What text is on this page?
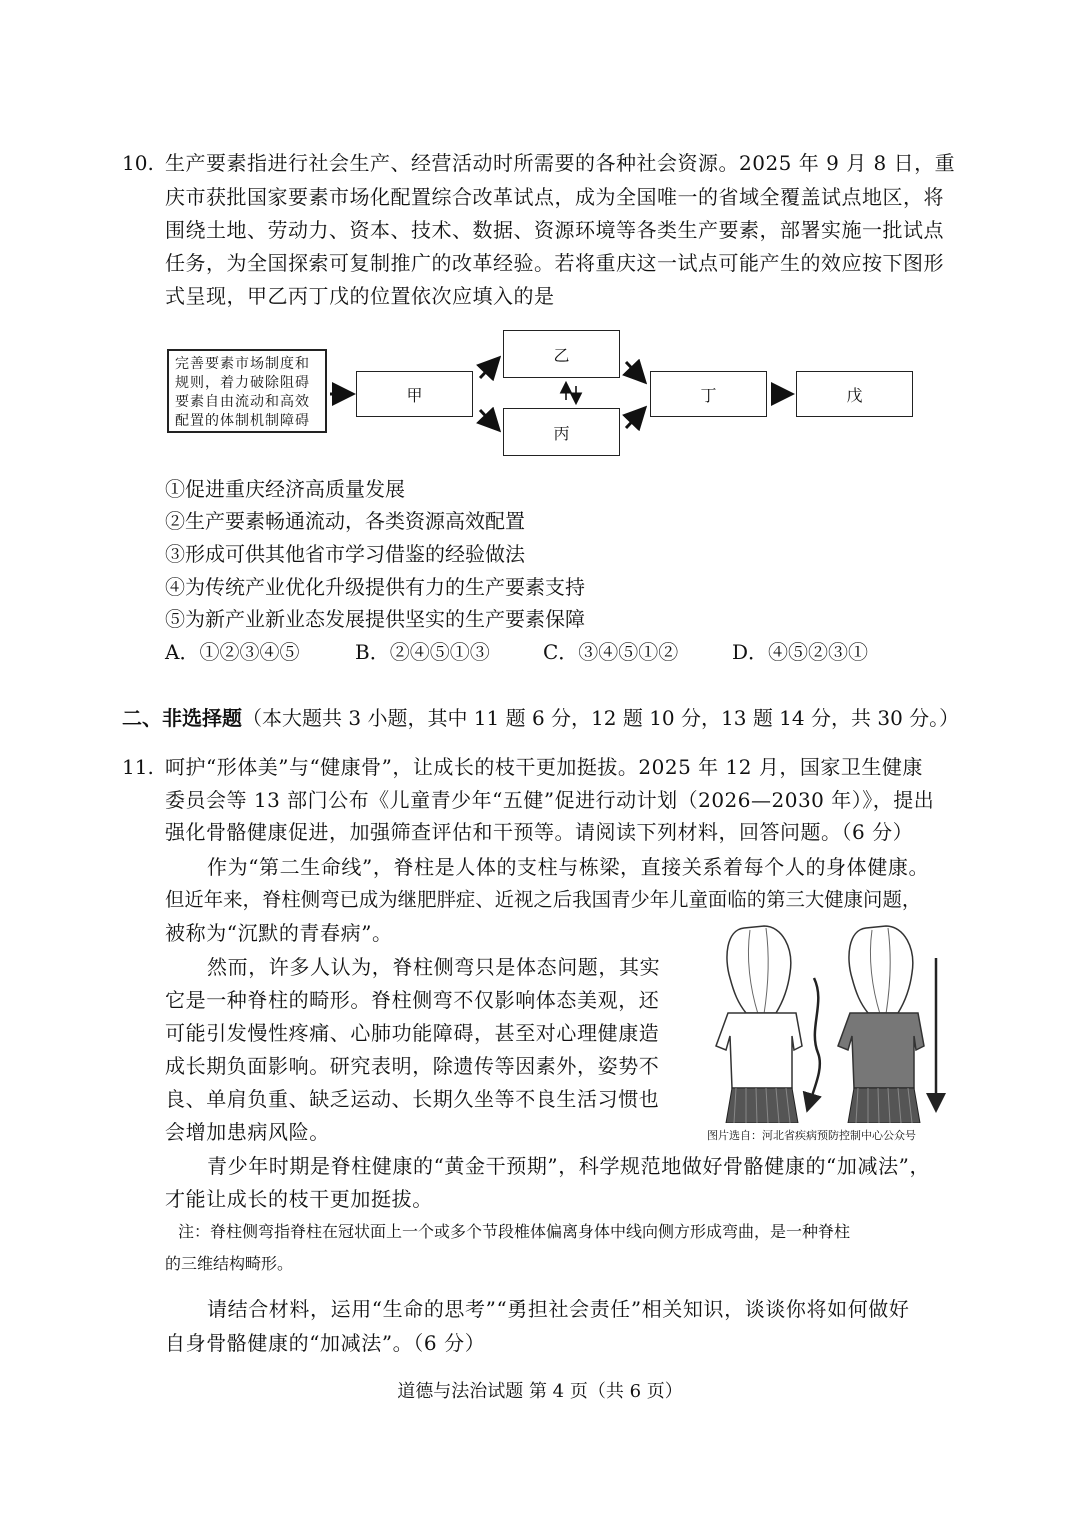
10. 生产要素指进行社会生产、经营活动时所需要的各种社会资源。2025 年 9 月 8 日，重
庆市获批国家要素市场化配置综合改革试点，成为全国唯一的省域全覆盖试点地区，将
围绕土地、劳动力、资本、技术、数据、资源环境等各类生产要素，部署实施一批试点
任务，为全国探索可复制推广的改革经验。若将重庆这一试点可能产生的效应按下图形
式呈现，甲乙丙丁戊的位置依次应填入的是
完善要素市场制度和规则，着力破除阻碍要素自由流动和高效配置的体制机制障碍
甲
乙
丙
丁	戊
①促进重庆经济高质量发展
②生产要素畅通流动，各类资源高效配置
③形成可供其他省市学习借鉴的经验做法
④为传统产业优化升级提供有力的生产要素支持
⑤为新产业新业态发展提供坚实的生产要素保障
A．①②③④⑤	B．②④⑤①③	C．③④⑤①②	D．④⑤②③①
二、非选择题（本大题共 3 小题，其中 11 题 6 分，12 题 10 分，13 题 14 分，共 30 分。）
11. 呵护“形体美”与“健康骨”，让成长的枝干更加挺拔。2025 年 12 月，国家卫生健康
委员会等 13 部门公布《儿童青少年“五健”促进行动计划（2026—2030 年）》，提出
强化骨骼健康促进，加强筛查评估和干预等。请阅读下列材料，回答问题。（6 分）
作为“第二生命线”，脊柱是人体的支柱与栋梁，直接关系着每个人的身体健康。
但近年来，脊柱侧弯已成为继肥胖症、近视之后我国青少年儿童面临的第三大健康问题，
被称为“沉默的青春病”。
然而，许多人认为，脊柱侧弯只是体态问题，其实
它是一种脊柱的畸形。脊柱侧弯不仅影响体态美观，还
可能引发慢性疼痛、心肺功能障碍，甚至对心理健康造
成长期负面影响。研究表明，除遗传等因素外，姿势不
良、单肩负重、缺乏运动、长期久坐等不良生活习惯也
会增加患病风险。
青少年时期是脊柱健康的“黄金干预期”，科学规范地做好骨骼健康的“加减法”，
才能让成长的枝干更加挺拔。
图片选自：河北省疾病预防控制中心公众号
注：脊柱侧弯指脊柱在冠状面上一个或多个节段椎体偏离身体中线向侧方形成弯曲，是一种脊柱
的三维结构畸形。
请结合材料，运用“生命的思考”“勇担社会责任”相关知识，谈谈你将如何做好
自身骨骼健康的“加减法”。（6 分）
道德与法治试题 第 4 页（共 6 页）
